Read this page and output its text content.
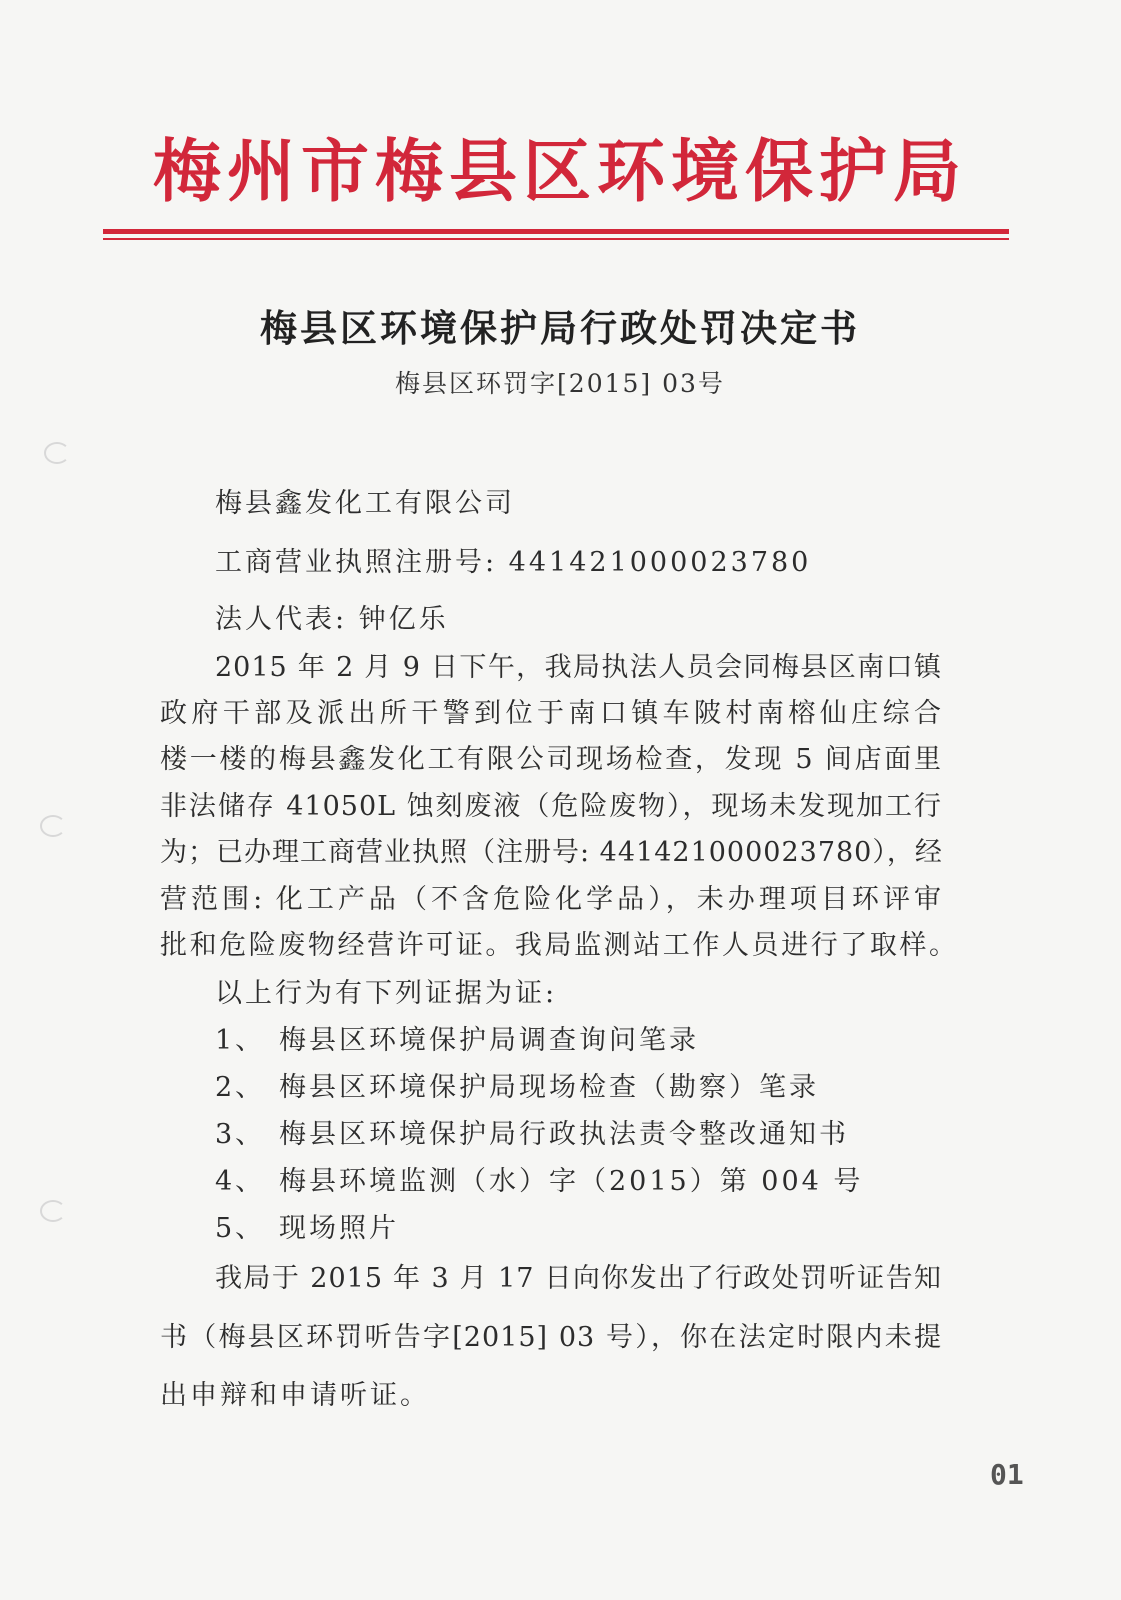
梅州市梅县区环境保护局
梅县区环境保护局行政处罚决定书
梅县区环罚字[2015] 03号
梅县鑫发化工有限公司
工商营业执照注册号: 441421000023780
法人代表: 钟亿乐
2015 年 2 月 9 日下午，我局执法人员会同梅县区南口镇
政府干部及派出所干警到位于南口镇车陂村南榕仙庄综合
楼一楼的梅县鑫发化工有限公司现场检查，发现 5 间店面里
非法储存 41050L 蚀刻废液（危险废物），现场未发现加工行
为；已办理工商营业执照（注册号: 441421000023780），经
营范围: 化工产品（不含危险化学品），未办理项目环评审
批和危险废物经营许可证。我局监测站工作人员进行了取样。
以上行为有下列证据为证:
1、 梅县区环境保护局调查询问笔录
2、 梅县区环境保护局现场检查（勘察）笔录
3、 梅县区环境保护局行政执法责令整改通知书
4、 梅县环境监测（水）字（2015）第 004 号
5、 现场照片
我局于 2015 年 3 月 17 日向你发出了行政处罚听证告知
书（梅县区环罚听告字[2015] 03 号），你在法定时限内未提
出申辩和申请听证。
01
